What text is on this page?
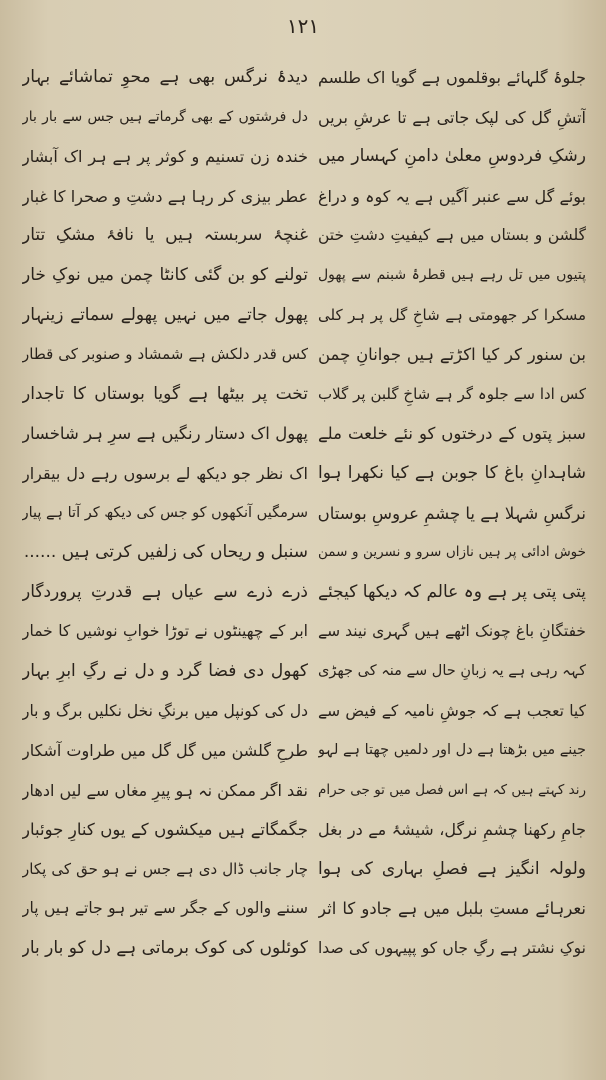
١٢١
جلوۂ گلہائے بوقلموں ہے گویا اک طلسم
آتشِ گل کی لپک جاتی ہے تا عرشِ بریں
رشکِ فردوسِ معلیٰ دامنِ کہسار میں
بوئے گل سے عنبر آگیں ہے یہ کوہ و دراغ
گلشن و بستاں میں ہے کیفیتِ دشتِ ختن
پتیوں میں تل رہے ہیں قطرۂ شبنم سے پھول
مسکرا کر جھومتی ہے شاخِ گل پر ہر کلی
بن سنور کر کیا اکڑتے ہیں جوانانِ چمن
کس ادا سے جلوہ گر ہے شاخِ گلبن پر گلاب
سبز پتوں کے درختوں کو نئے خلعت ملے
شاہدانِ باغ کا جوبن ہے کیا نکھرا ہوا
نرگسِ شہلا ہے یا چشمِ عروسِ بوستاں
خوش ادائی پر ہیں نازاں سرو و نسرین و سمن
پتی پتی پر ہے وہ عالم کہ دیکھا کیجئے
خفتگانِ باغ چونک اٹھے ہیں گہری نیند سے
کہہ رہی ہے یہ زبانِ حال سے منہ کی جھڑی
کیا تعجب ہے کہ جوشِ نامیہ کے فیض سے
جینے میں بڑھتا ہے دل اور دلمیں چھتا ہے لہو
رند کہتے ہیں کہ ہے اس فصل میں تو جی حرام
جامِ رکھنا چشمِ نرگل، شیشۂ مے در بغل
ولولہ انگیز ہے فصلِ بہاری کی ہوا
نعرہائے مستِ بلبل میں ہے جادو کا اثر
نوکِ نشتر ہے رگِ جاں کو پپیہوں کی صدا
دیدۂ نرگس بھی ہے محوِ تماشائے بہار
دل فرشتوں کے بھی گرماتے ہیں جس سے بار بار
خندہ زن تسنیم و کوثر پر ہے ہر اک آبشار
عطر بیزی کر رہا ہے دشتِ و صحرا کا غبار
غنچۂ سربستہ ہیں یا نافۂ مشکِ تتار
تولنے کو بن گئی کانٹا چمن میں نوکِ خار
پھول جاتے میں نہیں پھولے سماتے زینہار
کس قدر دلکش ہے شمشاد و صنوبر کی قطار
تخت پر بیٹھا ہے گویا بوستاں کا تاجدار
پھول اک دستار رنگیں ہے سرِ ہر شاخسار
اک نظر جو دیکھ لے برسوں رہے دل بیقرار
سرمگیں آنکھوں کو جس کی دیکھ کر آتا ہے پیار
سنبل و ریحاں کی زلفیں کرتی ہیں ......
ذرے ذرے سے عیاں ہے قدرتِ پروردگار
ابر کے چھینٹوں نے توڑا خوابِ نوشیں کا خمار
کھول دی فضا گرد و دل نے رگِ ابرِ بہار
دل کی کونپل میں برنگِ نخل نکلیں برگ و بار
طرحِ گلشن میں گل گل میں طراوت آشکار
نقد اگر ممکن نہ ہو پیرِ مغاں سے لیں ادھار
جگمگاتے ہیں میکشوں کے یوں کنارِ جوئبار
چار جانب ڈال دی ہے جس نے ہو حق کی پکار
سننے والوں کے جگر سے تیر ہو جاتے ہیں پار
کوئلوں کی کوک برماتی ہے دل کو بار بار
